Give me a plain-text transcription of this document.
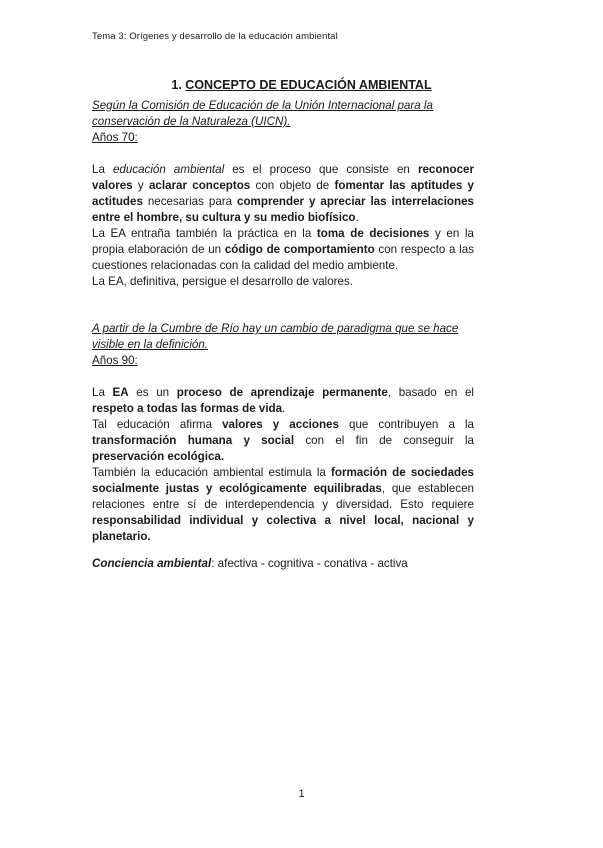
Tema 3: Orígenes y desarrollo de la educación ambiental
1. CONCEPTO DE EDUCACIÓN AMBIENTAL

Según la Comisión de Educación de la Unión Internacional para la conservación de la Naturaleza (UICN).

Años 70:

La educación ambiental es el proceso que consiste en reconocer valores y aclarar conceptos con objeto de fomentar las aptitudes y actitudes necesarias para comprender y apreciar las interrelaciones entre el hombre, su cultura y su medio biofísico.

La EA entraña también la práctica en la toma de decisiones y en la propia elaboración de un código de comportamiento con respecto a las cuestiones relacionadas con la calidad del medio ambiente.

La EA, definitiva, persigue el desarrollo de valores.

A partir de la Cumbre de Río hay un cambio de paradigma que se hace visible en la definición.

Años 90:

La EA es un proceso de aprendizaje permanente, basado en el respeto a todas las formas de vida.

Tal educación afirma valores y acciones que contribuyen a la transformación humana y social con el fin de conseguir la preservación ecológica.

También la educación ambiental estimula la formación de sociedades socialmente justas y ecológicamente equilibradas, que establecen relaciones entre sí de interdependencia y diversidad. Esto requiere responsabilidad individual y colectiva a nivel local, nacional y planetario.

Conciencia ambiental: afectiva - cognitiva - conativa - activa

1
